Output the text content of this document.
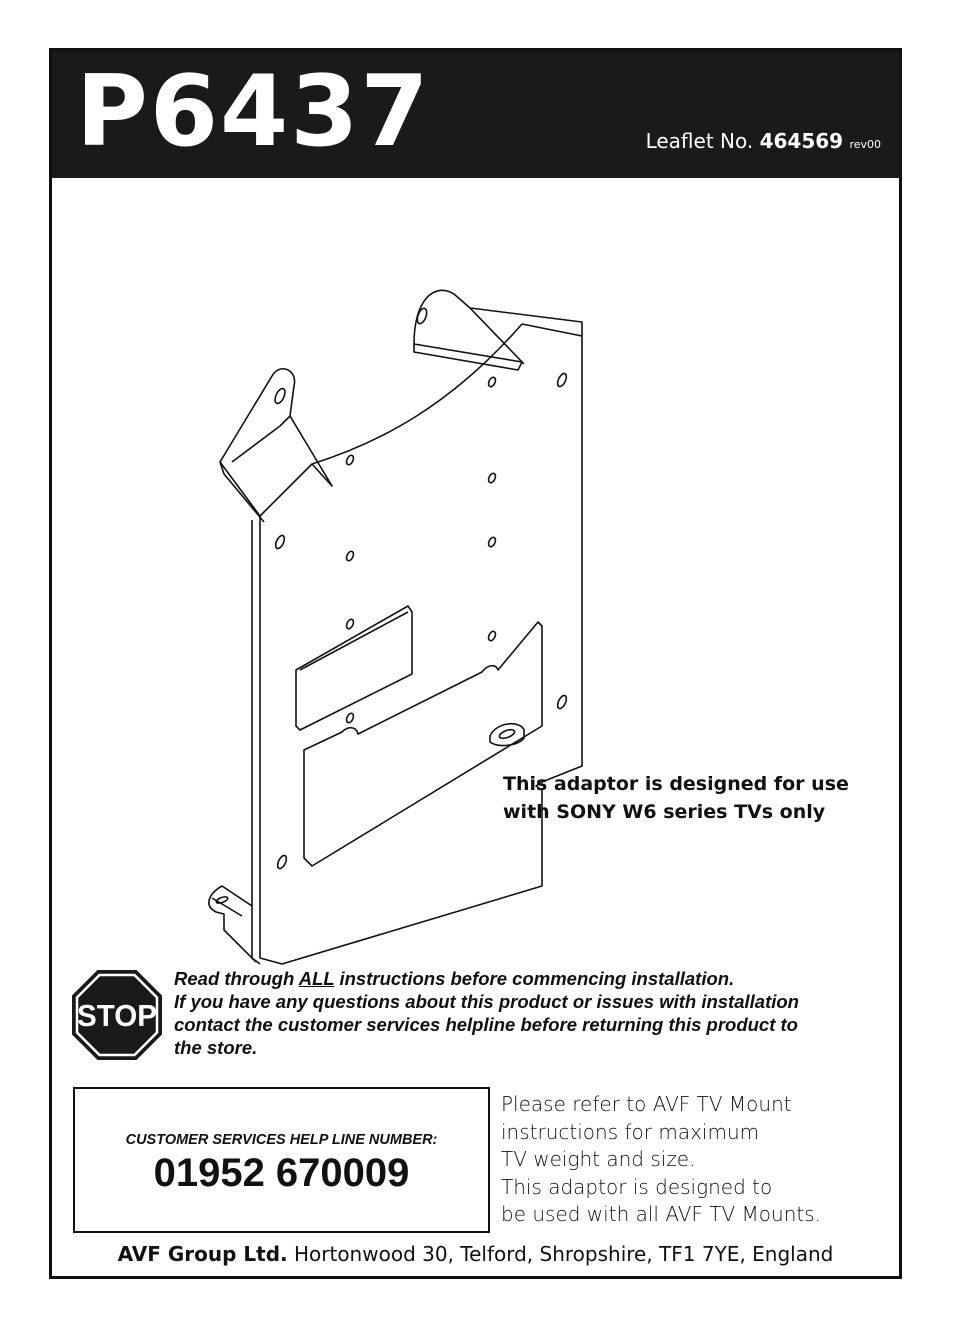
P6437	Leaflet No. 464569 rev00
This adaptor is designed for use
with SONY W6 series TVs only
STOP
Read through ALL instructions before commencing installation.
If you have any questions about this product or issues with installation
contact the customer services helpline before returning this product to
the store.
CUSTOMER SERVICES HELP LINE NUMBER:
01952 670009
Please refer to AVF TV Mount
instructions for maximum
TV weight and size.
This adaptor is designed to
be used with all AVF TV Mounts.
AVF Group Ltd. Hortonwood 30, Telford, Shropshire, TF1 7YE, England
